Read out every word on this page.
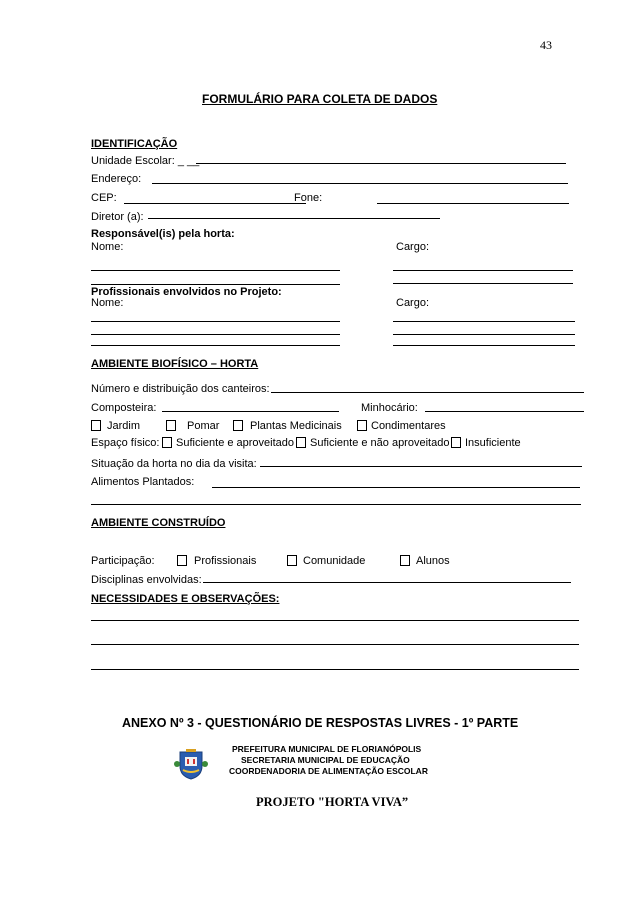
43
FORMULÁRIO PARA COLETA DE DADOS
IDENTIFICAÇÃO
Unidade Escolar: _ __
Endereço:
CEP:	Fone:
Diretor (a):
Responsável(is) pela horta:
Nome:	Cargo:
Profissionais envolvidos no Projeto:
Nome:	Cargo:
AMBIENTE BIOFÍSICO – HORTA
Número e distribuição dos canteiros:
Composteira:	Minhocário:
Jardim	Pomar	Plantas Medicinais	Condimentares
Espaço físico: Suficiente e aproveitado Suficiente e não aproveitado Insuficiente
Situação da horta no dia da visita:
Alimentos Plantados:
AMBIENTE CONSTRUÍDO
Participação:	Profissionais	Comunidade	Alunos
Disciplinas envolvidas:
NECESSIDADES E OBSERVAÇÕES:
ANEXO Nº 3 - QUESTIONÁRIO DE RESPOSTAS LIVRES - 1º PARTE
PREFEITURA MUNICIPAL DE FLORIANÓPOLIS
SECRETARIA MUNICIPAL DE EDUCAÇÃO
COORDENADORIA DE ALIMENTAÇÃO ESCOLAR
PROJETO "HORTA VIVA”
